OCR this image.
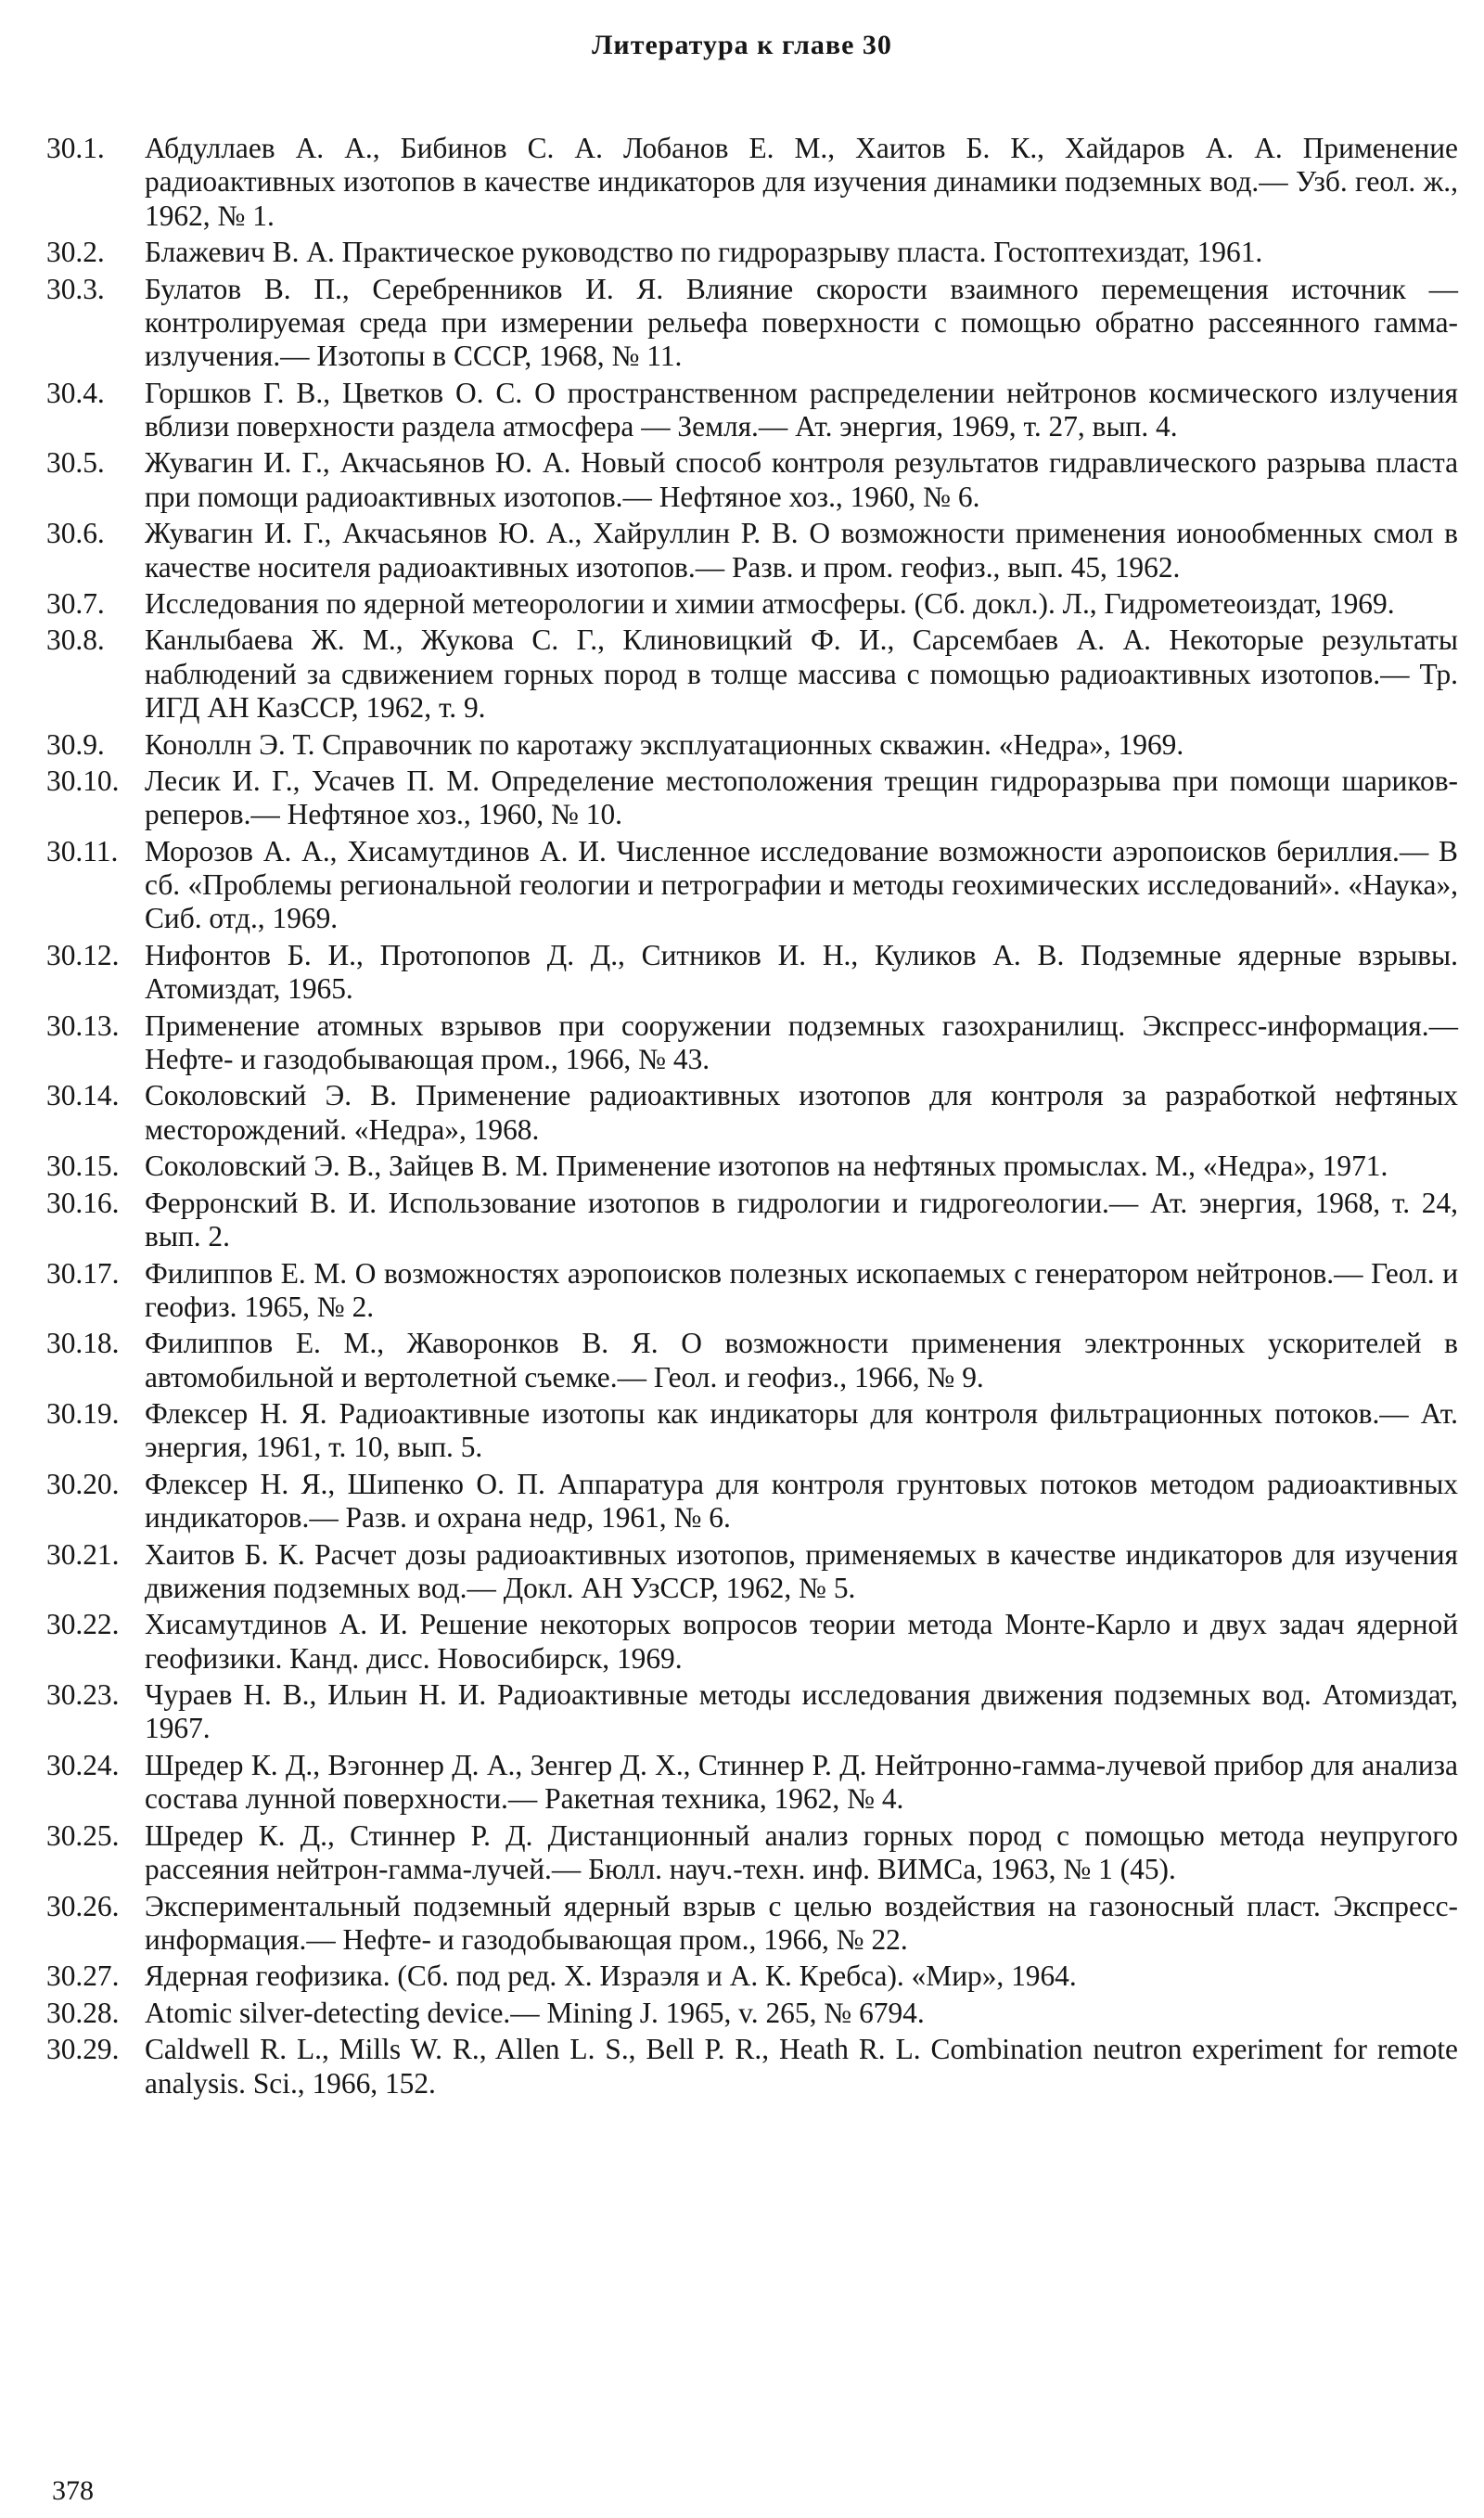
Литература к главе 30
30.1.	Абдуллаев А. А., Бибинов С. А. Лобанов Е. М., Хаитов Б. К., Хайдаров А. А. Применение радиоактивных изотопов в качестве индикаторов для изучения динамики подземных вод.— Узб. геол. ж., 1962, № 1.
30.2.	Блажевич В. А. Практическое руководство по гидроразрыву пласта. Гостоптехиздат, 1961.
30.3.	Булатов В. П., Серебренников И. Я. Влияние скорости взаимного перемещения источник — контролируемая среда при измерении рельефа поверхности с помощью обратно рассеянного гамма-излучения.— Изотопы в СССР, 1968, № 11.
30.4.	Горшков Г. В., Цветков О. С. О пространственном распределении нейтронов космического излучения вблизи поверхности раздела атмосфера — Земля.— Ат. энергия, 1969, т. 27, вып. 4.
30.5.	Жувагин И. Г., Акчасьянов Ю. А. Новый способ контроля результатов гидравлического разрыва пласта при помощи радиоактивных изотопов.— Нефтяное хоз., 1960, № 6.
30.6.	Жувагин И. Г., Акчасьянов Ю. А., Хайруллин Р. В. О возможности применения ионообменных смол в качестве носителя радиоактивных изотопов.— Разв. и пром. геофиз., вып. 45, 1962.
30.7.	Исследования по ядерной метеорологии и химии атмосферы. (Сб. докл.). Л., Гидрометеоиздат, 1969.
30.8.	Канлыбаева Ж. М., Жукова С. Г., Клиновицкий Ф. И., Сарсембаев А. А. Некоторые результаты наблюдений за сдвижением горных пород в толще массива с помощью радиоактивных изотопов.— Тр. ИГД АН КазССР, 1962, т. 9.
30.9.	Коноллн Э. Т. Справочник по каротажу эксплуатационных скважин. «Недра», 1969.
30.10. Лесик И. Г., Усачев П. М. Определение местоположения трещин гидроразрыва при помощи шариков-реперов.— Нефтяное хоз., 1960, № 10.
30.11. Морозов А. А., Хисамутдинов А. И. Численное исследование возможности аэропоисков бериллия.— В сб. «Проблемы региональной геологии и петрографии и методы геохимических исследований». «Наука», Сиб. отд., 1969.
30.12. Нифонтов Б. И., Протопопов Д. Д., Ситников И. Н., Куликов А. В. Подземные ядерные взрывы. Атомиздат, 1965.
30.13. Применение атомных взрывов при сооружении подземных газохранилищ. Экспресс-информация.— Нефте- и газодобывающая пром., 1966, № 43.
30.14. Соколовский Э. В. Применение радиоактивных изотопов для контроля за разработкой нефтяных месторождений. «Недра», 1968.
30.15. Соколовский Э. В., Зайцев В. М. Применение изотопов на нефтяных промыслах. М., «Недра», 1971.
30.16. Ферронский В. И. Использование изотопов в гидрологии и гидрогеологии.— Ат. энергия, 1968, т. 24, вып. 2.
30.17. Филиппов Е. М. О возможностях аэропоисков полезных ископаемых с генератором нейтронов.— Геол. и геофиз. 1965, № 2.
30.18. Филиппов Е. М., Жаворонков В. Я. О возможности применения электронных ускорителей в автомобильной и вертолетной съемке.— Геол. и геофиз., 1966, № 9.
30.19. Флексер Н. Я. Радиоактивные изотопы как индикаторы для контроля фильтрационных потоков.— Ат. энергия, 1961, т. 10, вып. 5.
30.20. Флексер Н. Я., Шипенко О. П. Аппаратура для контроля грунтовых потоков методом радиоактивных индикаторов.— Разв. и охрана недр, 1961, № 6.
30.21. Хаитов Б. К. Расчет дозы радиоактивных изотопов, применяемых в качестве индикаторов для изучения движения подземных вод.— Докл. АН УзССР, 1962, № 5.
30.22. Хисамутдинов А. И. Решение некоторых вопросов теории метода Монте-Карло и двух задач ядерной геофизики. Канд. дисс. Новосибирск, 1969.
30.23. Чураев Н. В., Ильин Н. И. Радиоактивные методы исследования движения подземных вод. Атомиздат, 1967.
30.24. Шредер К. Д., Вэгоннер Д. А., Зенгер Д. Х., Стиннер Р. Д. Нейтронно-гамма-лучевой прибор для анализа состава лунной поверхности.— Ракетная техника, 1962, № 4.
30.25. Шредер К. Д., Стиннер Р. Д. Дистанционный анализ горных пород с помощью метода неупругого рассеяния нейтрон-гамма-лучей.— Бюлл. науч.-техн. инф. ВИМСа, 1963, № 1 (45).
30.26. Экспериментальный подземный ядерный взрыв с целью воздействия на газоносный пласт. Экспресс-информация.— Нефте- и газодобывающая пром., 1966, № 22.
30.27. Ядерная геофизика. (Сб. под ред. Х. Израэля и А. К. Кребса). «Мир», 1964.
30.28. Atomic silver-detecting device.— Mining J. 1965, v. 265, № 6794.
30.29. Caldwell R. L., Mills W. R., Allen L. S., Bell P. R., Heath R. L. Combination neutron experiment for remote analysis. Sci., 1966, 152.
378
